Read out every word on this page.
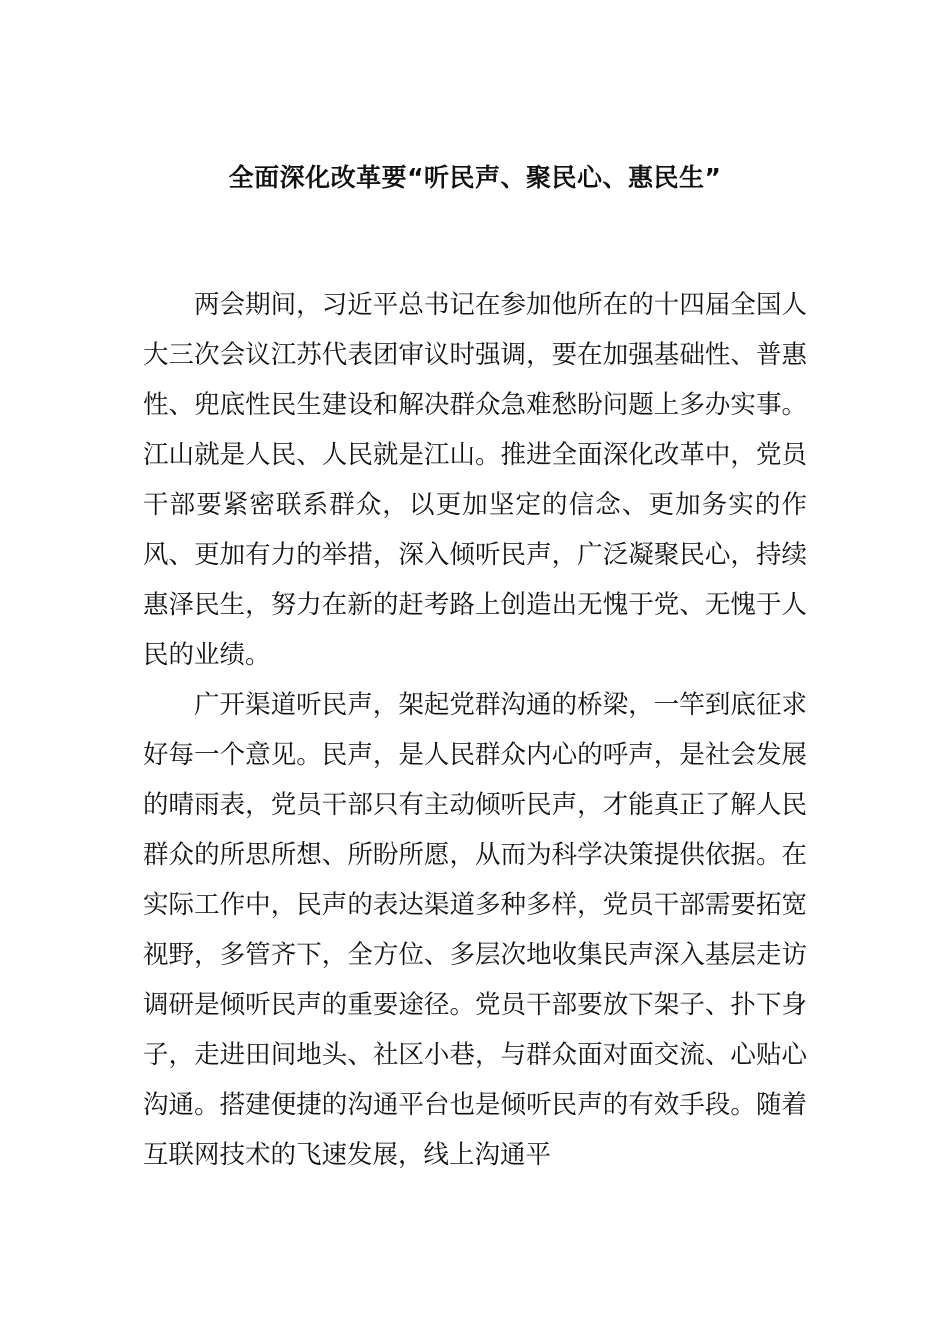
全面深化改革要“听民声、聚民心、惠民生”

两会期间，习近平总书记在参加他所在的十四届全国人大三次会议江苏代表团审议时强调，要在加强基础性、普惠性、兜底性民生建设和解决群众急难愁盼问题上多办实事。江山就是人民、人民就是江山。推进全面深化改革中，党员干部要紧密联系群众，以更加坚定的信念、更加务实的作风、更加有力的举措，深入倾听民声，广泛凝聚民心，持续惠泽民生，努力在新的赶考路上创造出无愧于党、无愧于人民的业绩。

广开渠道听民声，架起党群沟通的桥梁，一竿到底征求好每一个意见。民声，是人民群众内心的呼声，是社会发展的晴雨表，党员干部只有主动倾听民声，才能真正了解人民群众的所思所想、所盼所愿，从而为科学决策提供依据。在实际工作中，民声的表达渠道多种多样，党员干部需要拓宽视野，多管齐下，全方位、多层次地收集民声深入基层走访调研是倾听民声的重要途径。党员干部要放下架子、扑下身子，走进田间地头、社区小巷，与群众面对面交流、心贴心沟通。搭建便捷的沟通平台也是倾听民声的有效手段。随着互联网技术的飞速发展，线上沟通平
